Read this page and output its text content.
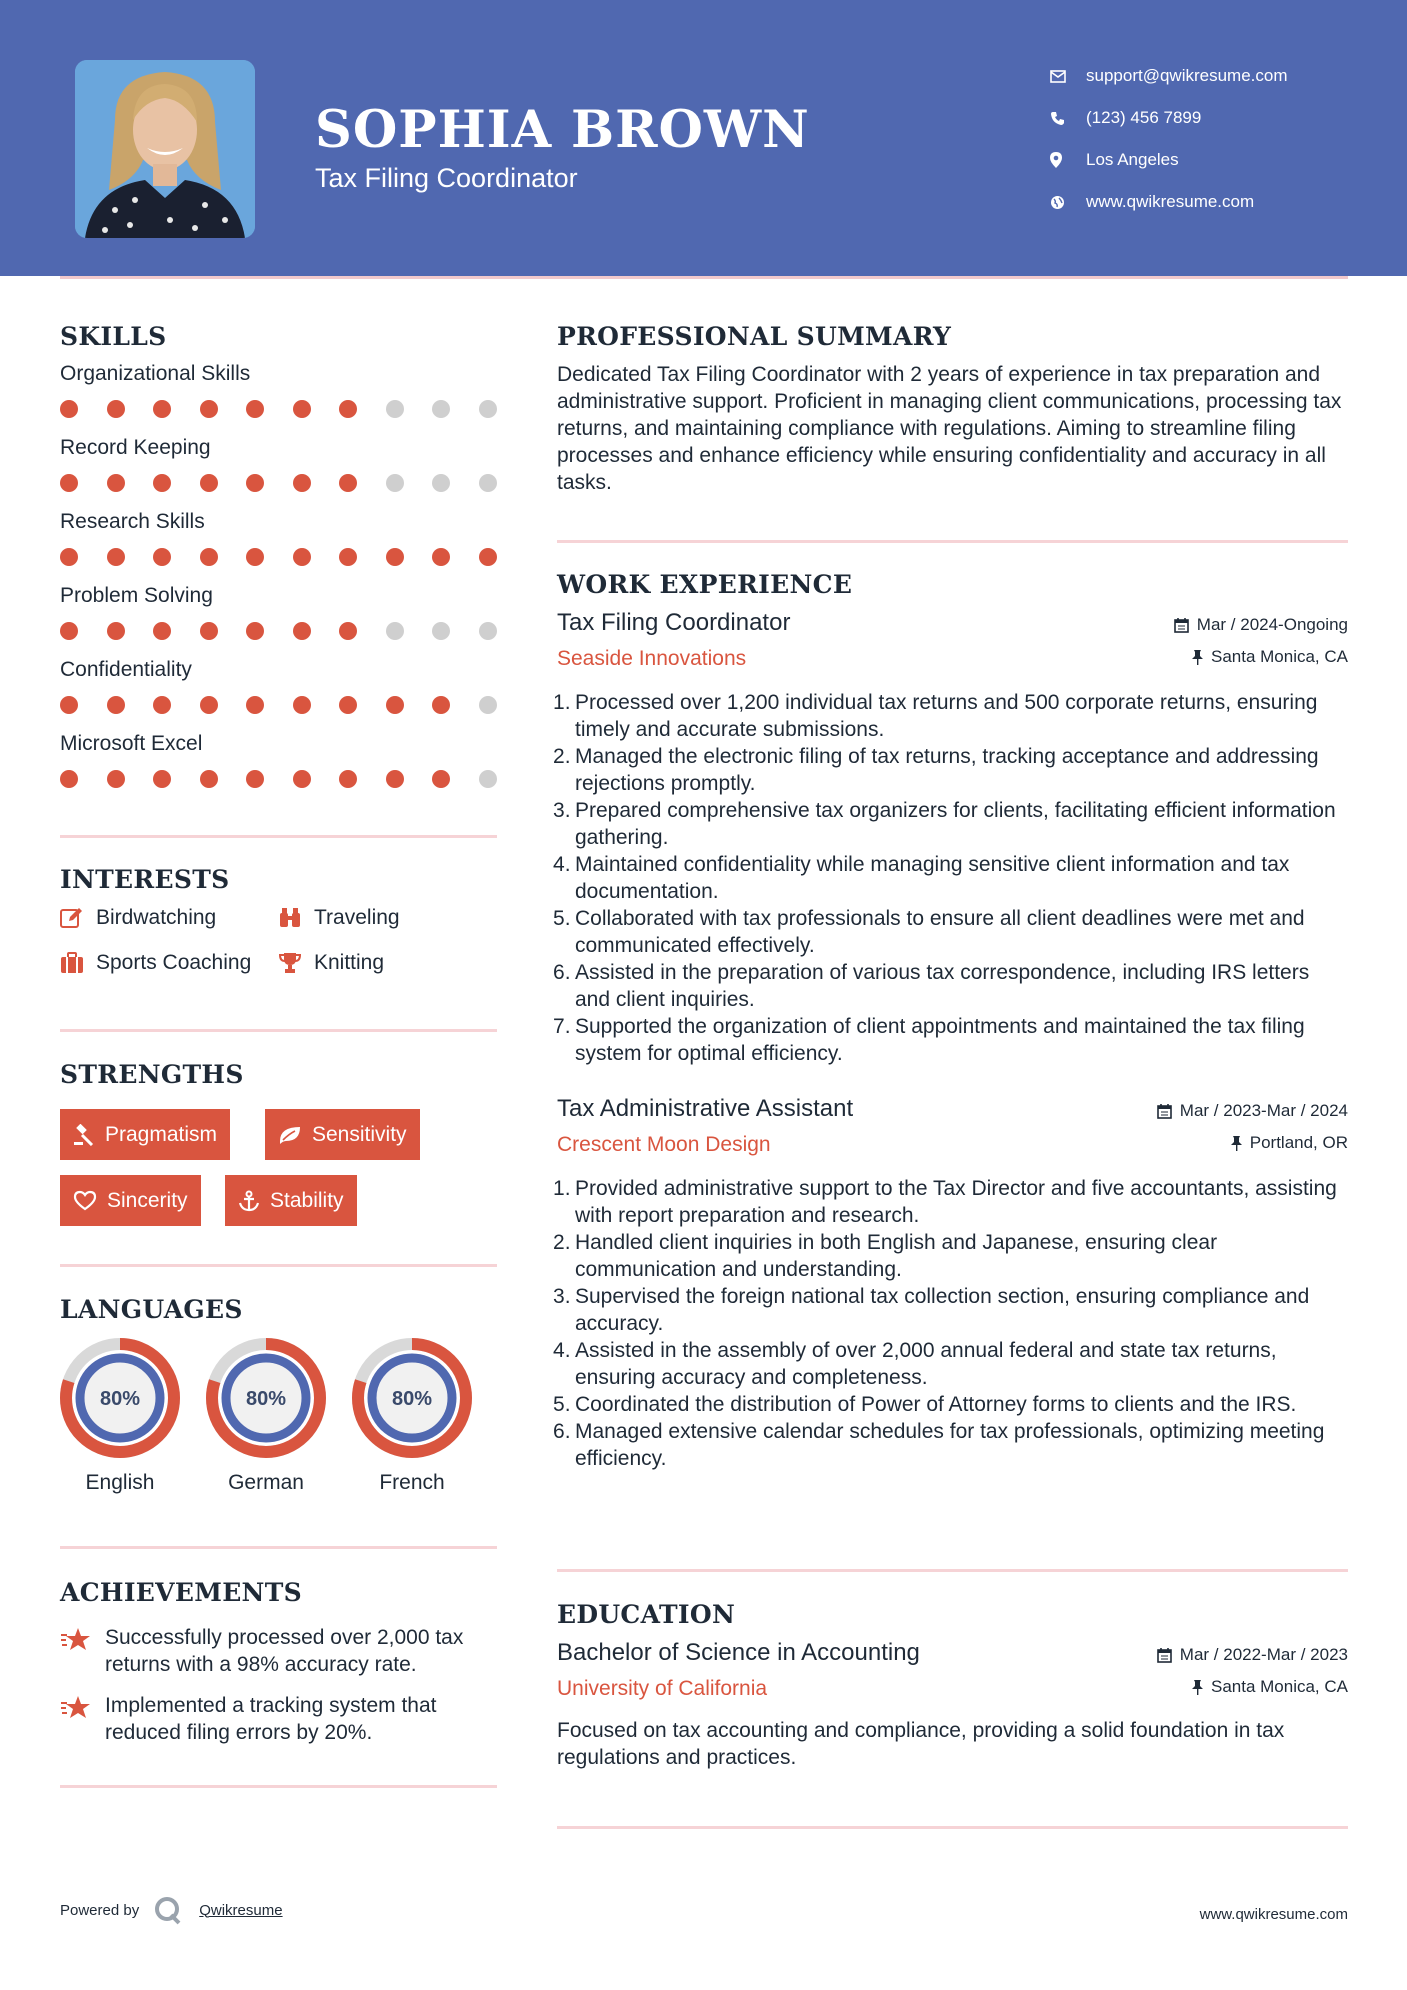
SOPHIA BROWN
Tax Filing Coordinator
support@qwikresume.com
(123) 456 7899
Los Angeles
www.qwikresume.com
SKILLS
Organizational Skills
Record Keeping
Research Skills
Problem Solving
Confidentiality
Microsoft Excel
INTERESTS
Birdwatching	Traveling
Sports Coaching	Knitting
STRENGTHS
Pragmatism	Sensitivity
Sincerity	Stability
LANGUAGES
80%
English
80%
German
80%
French
ACHIEVEMENTS
Successfully processed over 2,000 tax returns with a 98% accuracy rate.
Implemented a tracking system that reduced filing errors by 20%.
PROFESSIONAL SUMMARY
Dedicated Tax Filing Coordinator with 2 years of experience in tax preparation and administrative support. Proficient in managing client communications, processing tax returns, and maintaining compliance with regulations. Aiming to streamline filing processes and enhance efficiency while ensuring confidentiality and accuracy in all tasks.
WORK EXPERIENCE
Tax Filing Coordinator
Seaside Innovations
Mar / 2024-Ongoing
Santa Monica, CA
Processed over 1,200 individual tax returns and 500 corporate returns, ensuring timely and accurate submissions.
Managed the electronic filing of tax returns, tracking acceptance and addressing rejections promptly.
Prepared comprehensive tax organizers for clients, facilitating efficient information gathering.
Maintained confidentiality while managing sensitive client information and tax documentation.
Collaborated with tax professionals to ensure all client deadlines were met and communicated effectively.
Assisted in the preparation of various tax correspondence, including IRS letters and client inquiries.
Supported the organization of client appointments and maintained the tax filing system for optimal efficiency.
Tax Administrative Assistant
Crescent Moon Design
Mar / 2023-Mar / 2024
Portland, OR
Provided administrative support to the Tax Director and five accountants, assisting with report preparation and research.
Handled client inquiries in both English and Japanese, ensuring clear communication and understanding.
Supervised the foreign national tax collection section, ensuring compliance and accuracy.
Assisted in the assembly of over 2,000 annual federal and state tax returns, ensuring accuracy and completeness.
Coordinated the distribution of Power of Attorney forms to clients and the IRS.
Managed extensive calendar schedules for tax professionals, optimizing meeting efficiency.
EDUCATION
Bachelor of Science in Accounting
University of California
Mar / 2022-Mar / 2023
Santa Monica, CA
Focused on tax accounting and compliance, providing a solid foundation in tax regulations and practices.
Powered by	Qwikresume	www.qwikresume.com
